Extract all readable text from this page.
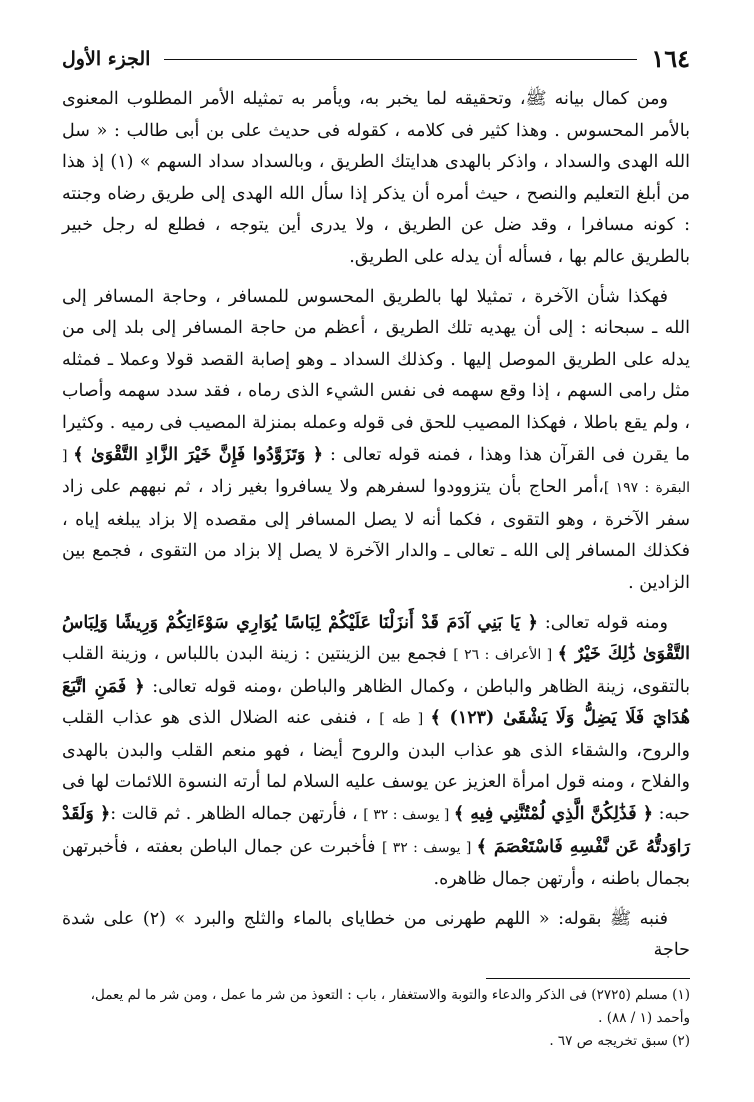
١٦٤
الجزء الأول

ومن كمال بيانه ﷺ، وتحقيقه لما يخبر به، ويأمر به تمثيله الأمر المطلوب المعنوى بالأمر المحسوس . وهذا كثير فى كلامه ، كقوله فى حديث على بن أبى طالب : « سل الله الهدى والسداد ، واذكر بالهدى هدايتك الطريق ، وبالسداد سداد السهم » (١) إذ هذا من أبلغ التعليم والنصح ، حيث أمره أن يذكر إذا سأل الله الهدى إلى طريق رضاه وجنته : كونه مسافرا ، وقد ضل عن الطريق ، ولا يدرى أين يتوجه ، فطلع له رجل خبير بالطريق عالم بها ، فسأله أن يدله على الطريق.

فهكذا شأن الآخرة ، تمثيلا لها بالطريق المحسوس للمسافر ، وحاجة المسافر إلى الله ـ سبحانه : إلى أن يهديه تلك الطريق ، أعظم من حاجة المسافر إلى بلد إلى من يدله على الطريق الموصل إليها . وكذلك السداد ـ وهو إصابة القصد قولا وعملا ـ فمثله مثل رامى السهم ، إذا وقع سهمه فى نفس الشيء الذى رماه ، فقد سدد سهمه وأصاب ، ولم يقع باطلا ، فهكذا المصيب للحق فى قوله وعمله بمنزلة المصيب فى رميه . وكثيرا ما يقرن فى القرآن هذا وهذا ، فمنه قوله تعالى : ﴿ وَتَزَوَّدُوا فَإِنَّ خَيْرَ الزَّادِ التَّقْوَىٰ ﴾ [ البقرة : ١٩٧ ]،أمر الحاج بأن يتزوودوا لسفرهم ولا يسافروا بغير زاد ، ثم نبههم على زاد سفر الآخرة ، وهو التقوى ، فكما أنه لا يصل المسافر إلى مقصده إلا بزاد يبلغه إياه ، فكذلك المسافر إلى الله ـ تعالى ـ والدار الآخرة لا يصل إلا بزاد من التقوى ، فجمع بين الزادين .

ومنه قوله تعالى: ﴿ يَا بَنِي آدَمَ قَدْ أَنزَلْنَا عَلَيْكُمْ لِبَاسًا يُوَارِي سَوْءَاتِكُمْ وَرِيشًا وَلِبَاسُ التَّقْوَىٰ ذَٰلِكَ خَيْرٌ ﴾ [ الأعراف : ٢٦ ] فجمع بين الزينتين : زينة البدن باللباس ، وزينة القلب بالتقوى، زينة الظاهر والباطن ، وكمال الظاهر والباطن ،ومنه قوله تعالى: ﴿ فَمَنِ اتَّبَعَ هُدَايَ فَلَا يَضِلُّ وَلَا يَشْقَىٰ (١٢٣) ﴾ [ طه ] ، فنفى عنه الضلال الذى هو عذاب القلب والروح، والشقاء الذى هو عذاب البدن والروح أيضا ، فهو منعم القلب والبدن بالهدى والفلاح ، ومنه قول امرأة العزيز عن يوسف عليه السلام لما أرته النسوة اللائمات لها فى حبه: ﴿ فَذَٰلِكُنَّ الَّذِي لُمْتُنَّنِي فِيهِ ﴾ [ يوسف : ٣٢ ] ، فأرتهن جماله الظاهر . ثم قالت :﴿ وَلَقَدْ رَاوَدتُّهُ عَن نَّفْسِهِ فَاسْتَعْصَمَ ﴾ [ يوسف : ٣٢ ] فأخبرت عن جمال الباطن بعفته ، فأخبرتهن بجمال باطنه ، وأرتهن جمال ظاهره.

فنبه ﷺ بقوله: « اللهم طهرنى من خطاياى بالماء والثلج والبرد » (٢) على شدة حاجة

(١) مسلم (٢٧٢٥) فى الذكر والدعاء والتوبة والاستغفار ، باب : التعوذ من شر ما عمل ، ومن شر ما لم يعمل، وأحمد (١ / ٨٨) .

(٢) سبق تخريجه ص ٦٧ .
